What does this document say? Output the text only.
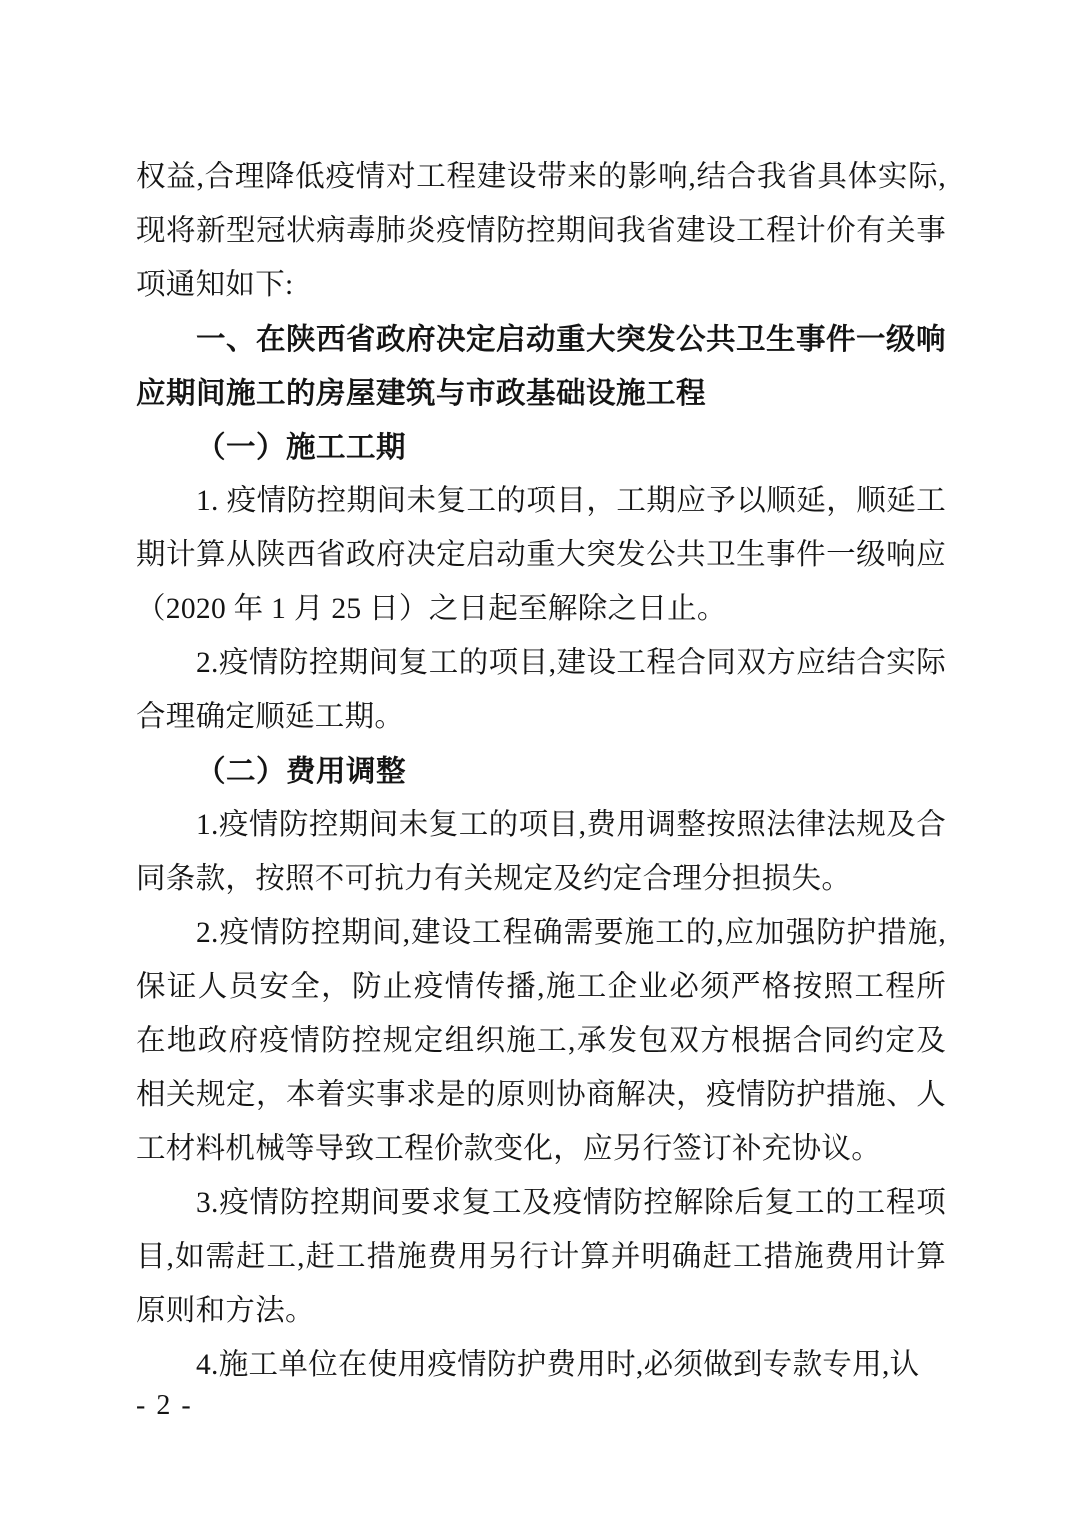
权益,合理降低疫情对工程建设带来的影响,结合我省具体实际,现将新型冠状病毒肺炎疫情防控期间我省建设工程计价有关事项通知如下:

一、在陕西省政府决定启动重大突发公共卫生事件一级响应期间施工的房屋建筑与市政基础设施工程

（一）施工工期

1. 疫情防控期间未复工的项目，工期应予以顺延，顺延工期计算从陕西省政府决定启动重大突发公共卫生事件一级响应（2020 年 1 月 25 日）之日起至解除之日止。

2.疫情防控期间复工的项目,建设工程合同双方应结合实际合理确定顺延工期。

（二）费用调整

1.疫情防控期间未复工的项目,费用调整按照法律法规及合同条款，按照不可抗力有关规定及约定合理分担损失。

2.疫情防控期间,建设工程确需要施工的,应加强防护措施,保证人员安全，防止疫情传播,施工企业必须严格按照工程所在地政府疫情防控规定组织施工,承发包双方根据合同约定及相关规定，本着实事求是的原则协商解决，疫情防护措施、人工材料机械等导致工程价款变化，应另行签订补充协议。

3.疫情防控期间要求复工及疫情防控解除后复工的工程项目,如需赶工,赶工措施费用另行计算并明确赶工措施费用计算原则和方法。

4.施工单位在使用疫情防护费用时,必须做到专款专用,认

- 2 -
